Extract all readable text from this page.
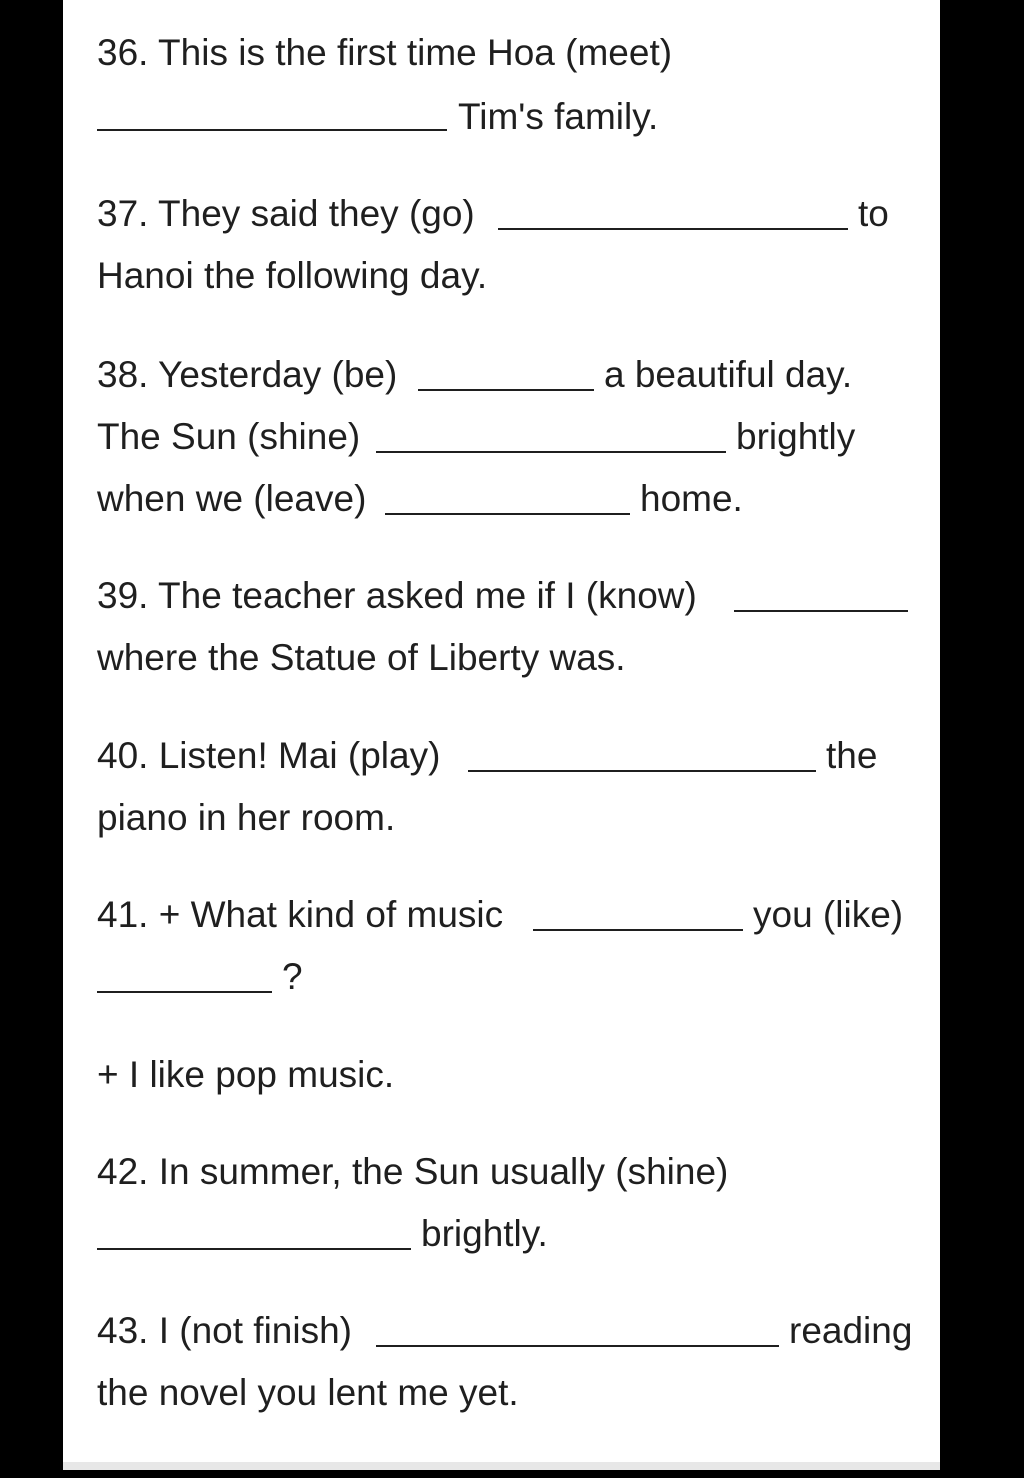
36. This is the first time Hoa (meet)
Tim's family.
37. They said they (go)	to
Hanoi the following day.
38. Yesterday (be)	a beautiful day.
The Sun (shine)	brightly
when we (leave)	home.
39. The teacher asked me if I (know)
where the Statue of Liberty was.
40. Listen! Mai (play)	the
piano in her room.
41. + What kind of music	you (like)
?
+ I like pop music.
42. In summer, the Sun usually (shine)
brightly.
43. I (not finish)	reading
the novel you lent me yet.
